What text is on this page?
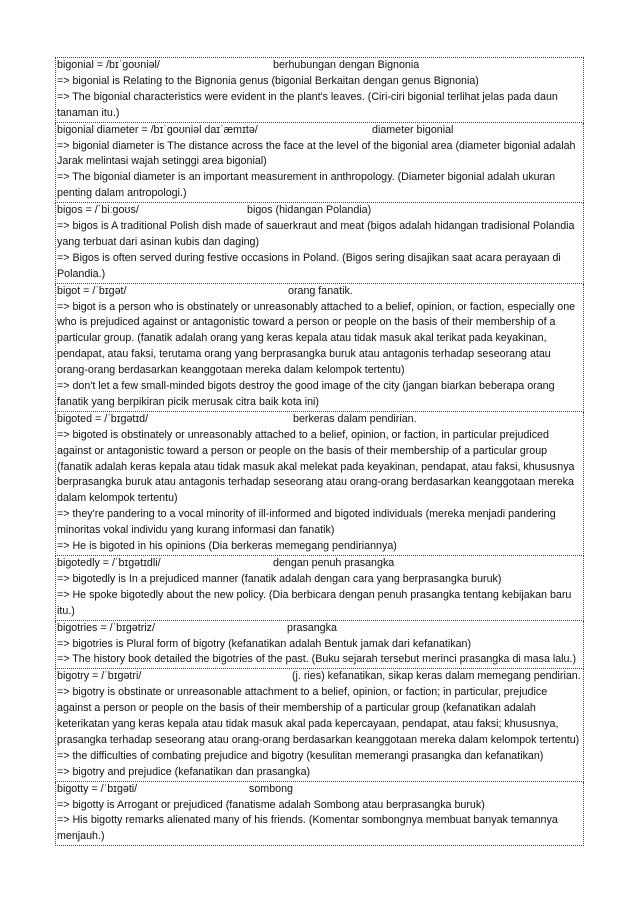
bigonial = /bɪˈɡoʊniəl/	berhubungan dengan Bignonia
=> bigonial is Relating to the Bignonia genus (bigonial Berkaitan dengan genus Bignonia)
=> The bigonial characteristics were evident in the plant's leaves. (Ciri-ciri bigonial terlihat jelas pada daun tanaman itu.)
bigonial diameter = /bɪˈɡoʊniəl daɪˈæmɪtə/	diameter bigonial
=> bigonial diameter is The distance across the face at the level of the bigonial area (diameter bigonial adalah Jarak melintasi wajah setinggi area bigonial)
=> The bigonial diameter is an important measurement in anthropology. (Diameter bigonial adalah ukuran penting dalam antropologi.)
bigos = /ˈbiːɡoʊs/	bigos (hidangan Polandia)
=> bigos is A traditional Polish dish made of sauerkraut and meat (bigos adalah hidangan tradisional Polandia yang terbuat dari asinan kubis dan daging)
=> Bigos is often served during festive occasions in Poland. (Bigos sering disajikan saat acara perayaan di Polandia.)
bigot = /ˈbɪɡət/	orang fanatik.
=> bigot is a person who is obstinately or unreasonably attached to a belief, opinion, or faction, especially one who is prejudiced against or antagonistic toward a person or people on the basis of their membership of a particular group. (fanatik adalah orang yang keras kepala atau tidak masuk akal terikat pada keyakinan, pendapat, atau faksi, terutama orang yang berprasangka buruk atau antagonis terhadap seseorang atau orang-orang berdasarkan keanggotaan mereka dalam kelompok tertentu)
=> don't let a few small-minded bigots destroy the good image of the city (jangan biarkan beberapa orang fanatik yang berpikiran picik merusak citra baik kota ini)
bigoted = /ˈbɪɡətɪd/	berkeras dalam pendirian.
=> bigoted is obstinately or unreasonably attached to a belief, opinion, or faction, in particular prejudiced against or antagonistic toward a person or people on the basis of their membership of a particular group (fanatik adalah keras kepala atau tidak masuk akal melekat pada keyakinan, pendapat, atau faksi, khususnya berprasangka buruk atau antagonis terhadap seseorang atau orang-orang berdasarkan keanggotaan mereka dalam kelompok tertentu)
=> they're pandering to a vocal minority of ill-informed and bigoted individuals (mereka menjadi pandering minoritas vokal individu yang kurang informasi dan fanatik)
=> He is bigoted in his opinions (Dia berkeras memegang pendiriannya)
bigotedly = /ˈbɪɡətɪdli/	dengan penuh prasangka
=> bigotedly is In a prejudiced manner (fanatik adalah dengan cara yang berprasangka buruk)
=> He spoke bigotedly about the new policy. (Dia berbicara dengan penuh prasangka tentang kebijakan baru itu.)
bigotries = /ˈbɪɡətriz/	prasangka
=> bigotries is Plural form of bigotry (kefanatikan adalah Bentuk jamak dari kefanatikan)
=> The history book detailed the bigotries of the past. (Buku sejarah tersebut merinci prasangka di masa lalu.)
bigotry = /ˈbɪɡətri/	(j. ries) kefanatikan, sikap keras dalam memegang pendirian.
=> bigotry is obstinate or unreasonable attachment to a belief, opinion, or faction; in particular, prejudice against a person or people on the basis of their membership of a particular group (kefanatikan adalah keterikatan yang keras kepala atau tidak masuk akal pada kepercayaan, pendapat, atau faksi; khususnya, prasangka terhadap seseorang atau orang-orang berdasarkan keanggotaan mereka dalam kelompok tertentu)
=> the difficulties of combating prejudice and bigotry (kesulitan memerangi prasangka dan kefanatikan)
=> bigotry and prejudice (kefanatikan dan prasangka)
bigotty = /ˈbɪɡəti/	sombong
=> bigotty is Arrogant or prejudiced (fanatisme adalah Sombong atau berprasangka buruk)
=> His bigotty remarks alienated many of his friends. (Komentar sombongnya membuat banyak temannya menjauh.)
